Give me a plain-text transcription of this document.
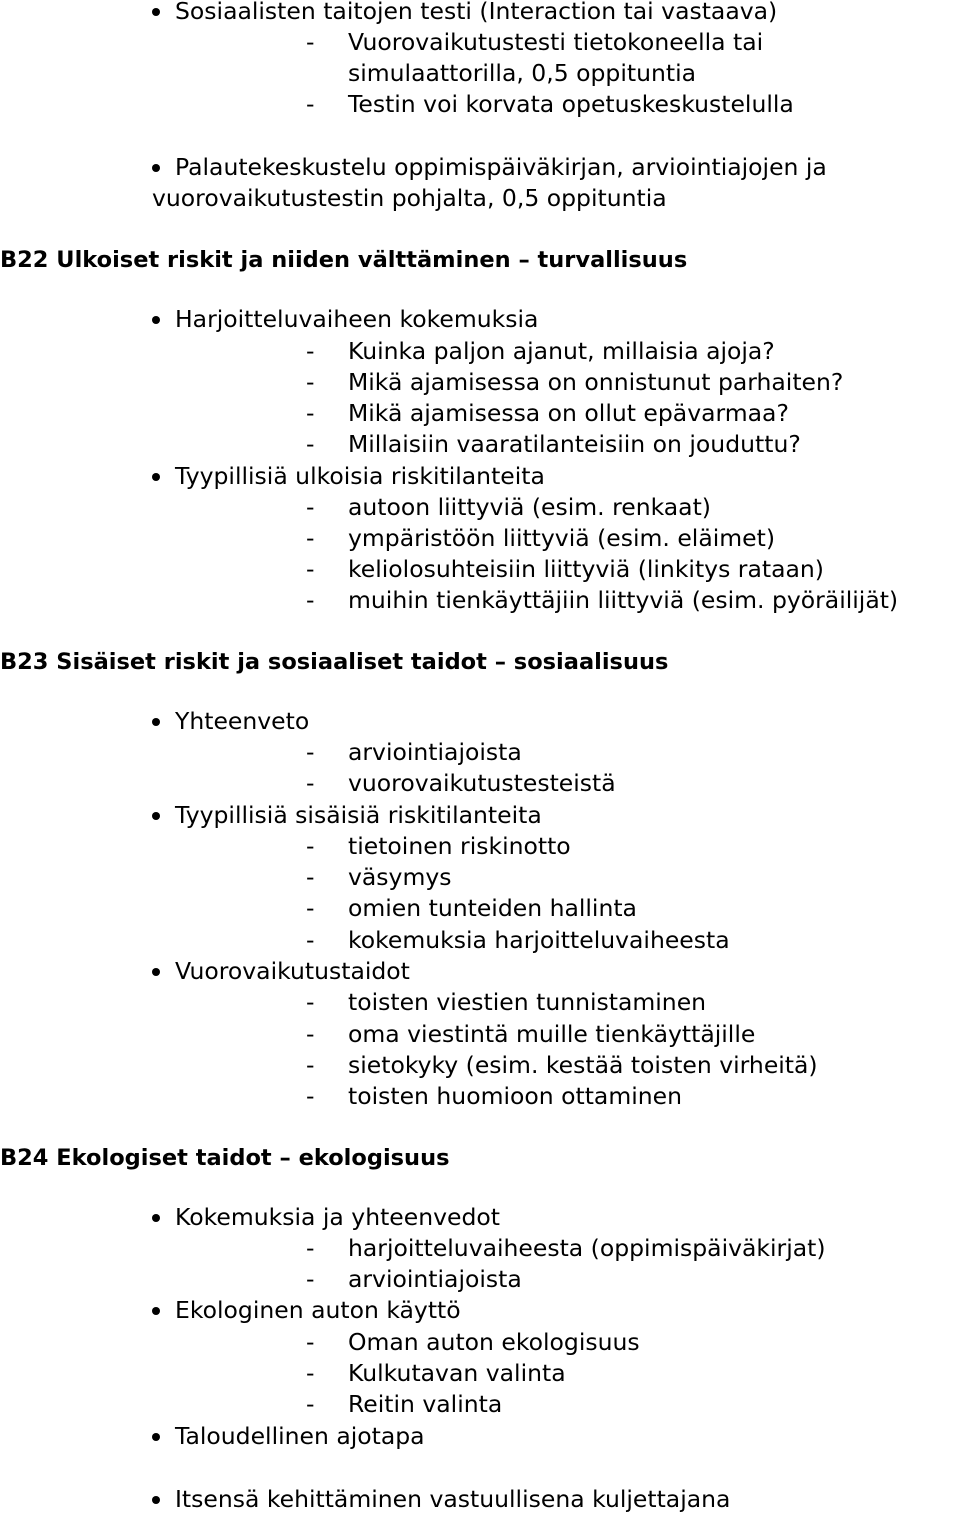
Sosiaalisten taitojen testi (Interaction tai vastaava)
- Vuorovaikutustesti tietokoneella tai
simulaattorilla, 0,5 oppituntia
- Testin voi korvata opetuskeskustelulla
Palautekeskustelu oppimispäiväkirjan, arviointiajojen ja
vuorovaikutustestin pohjalta, 0,5 oppituntia
B22 Ulkoiset riskit ja niiden välttäminen – turvallisuus
Harjoitteluvaiheen kokemuksia
- Kuinka paljon ajanut, millaisia ajoja?
- Mikä ajamisessa on onnistunut parhaiten?
- Mikä ajamisessa on ollut epävarmaa?
- Millaisiin vaaratilanteisiin on jouduttu?
Tyypillisiä ulkoisia riskitilanteita
- autoon liittyviä (esim. renkaat)
- ympäristöön liittyviä (esim. eläimet)
- keliolosuhteisiin liittyviä (linkitys rataan)
- muihin tienkäyttäjiin liittyviä (esim. pyöräilijät)
B23 Sisäiset riskit ja sosiaaliset taidot – sosiaalisuus
Yhteenveto
- arviointiajoista
- vuorovaikutustesteistä
Tyypillisiä sisäisiä riskitilanteita
- tietoinen riskinotto
- väsymys
- omien tunteiden hallinta
- kokemuksia harjoitteluvaiheesta
Vuorovaikutustaidot
- toisten viestien tunnistaminen
- oma viestintä muille tienkäyttäjille
- sietokyky (esim. kestää toisten virheitä)
- toisten huomioon ottaminen
B24 Ekologiset taidot – ekologisuus
Kokemuksia ja yhteenvedot
- harjoitteluvaiheesta (oppimispäiväkirjat)
- arviointiajoista
Ekologinen auton käyttö
- Oman auton ekologisuus
- Kulkutavan valinta
- Reitin valinta
Taloudellinen ajotapa
Itsensä kehittäminen vastuullisena kuljettajana
